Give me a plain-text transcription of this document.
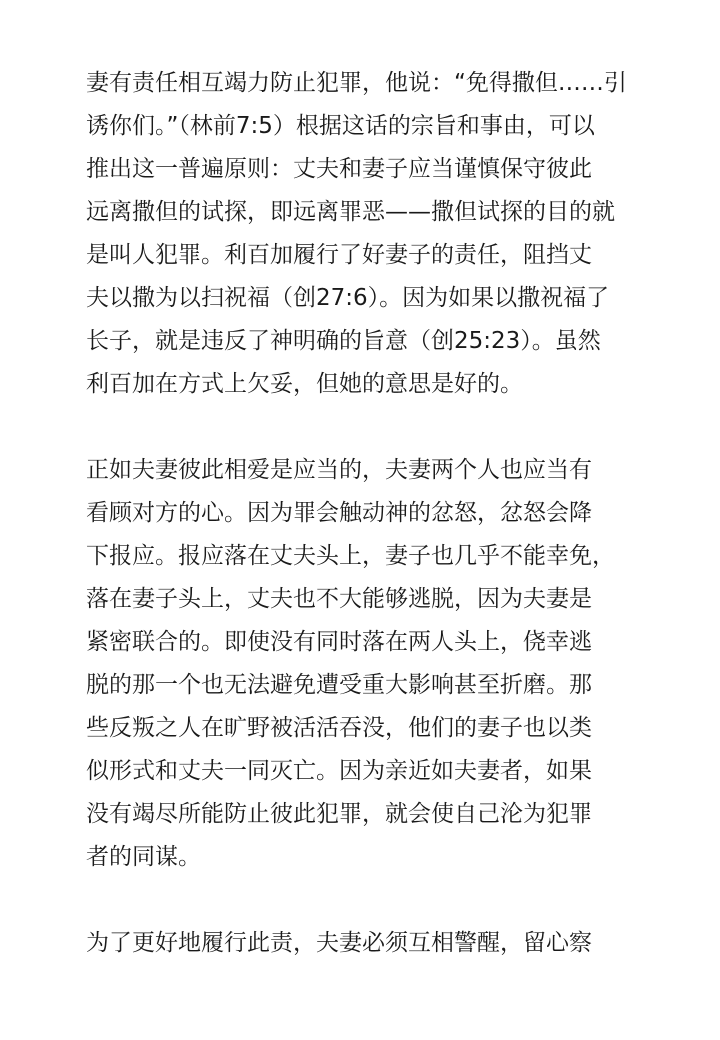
妻有责任相互竭力防止犯罪，他说：“免得撒但……引
诱你们。”（林前7:5）根据这话的宗旨和事由，可以
推出这一普遍原则：丈夫和妻子应当谨慎保守彼此
远离撒但的试探，即远离罪恶——撒但试探的目的就
是叫人犯罪。利百加履行了好妻子的责任，阻挡丈
夫以撒为以扫祝福（创27:6）。因为如果以撒祝福了
长子，就是违反了神明确的旨意（创25:23）。虽然
利百加在方式上欠妥，但她的意思是好的。

正如夫妻彼此相爱是应当的，夫妻两个人也应当有
看顾对方的心。因为罪会触动神的忿怒，忿怒会降
下报应。报应落在丈夫头上，妻子也几乎不能幸免，
落在妻子头上，丈夫也不大能够逃脱，因为夫妻是
紧密联合的。即使没有同时落在两人头上，侥幸逃
脱的那一个也无法避免遭受重大影响甚至折磨。那
些反叛之人在旷野被活活吞没，他们的妻子也以类
似形式和丈夫一同灭亡。因为亲近如夫妻者，如果
没有竭尽所能防止彼此犯罪，就会使自己沦为犯罪
者的同谋。

为了更好地履行此责，夫妻必须互相警醒，留心察
